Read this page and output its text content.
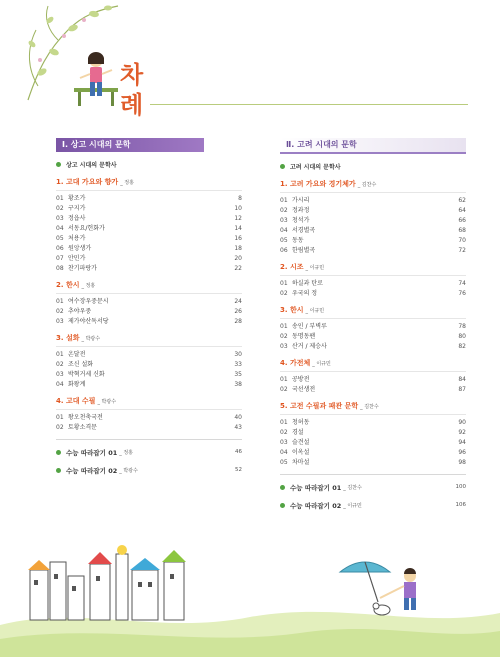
차
례
Ⅰ. 상고 시대의 문학
상고 시대의 문학사
1. 고대 가요와 향가 _ 정홍
01 황조가	8
02 구지가	10
03 정읍사	12
04 서동요/헌화가	14
05 처용가	16
06 원앙생가	18
07 안민가	20
08 찬기파랑가	22
2. 한시 _ 정홍
01 여수장우중문시	24
02 추야우중	26
03 제가야산독서당	28
3. 설화 _ 박광수
01 온달전	30
02 조신 설화	33
03 박혁거세 신화	35
04 화왕계	38
4. 고대 수필 _ 박광수
01 왕오천축국전	40
02 토황소격문	43
수능 따라잡기 01 _ 정홍	46
수능 따라잡기 02 _ 박광수	52
Ⅱ. 고려 시대의 문학
고려 시대의 문학사
1. 고려 가요와 경기체가 _ 김찬수
01 가시리	62
02 정과정	64
03 청석가	66
04 서경별곡	68
05 동동	70
06 한림별곡	72
2. 시조 _ 이규민
01 하실과 탄로	74
02 우국의 정	76
3. 한시 _ 이규민
01 송인 / 부벽루	78
02 동명동팬	80
03 산거 / 제승사	82
4. 가전체 _ 이규민
01 공방전	84
02 국선생전	87
5. 고전 수필과 패관 문학 _ 김찬수
01 청허동	90
02 경설	92
03 슬견설	94
04 이옥설	96
05 차마설	98
수능 따라잡기 01 _ 김찬수	100
수능 따라잡기 02 _ 이규민	106
